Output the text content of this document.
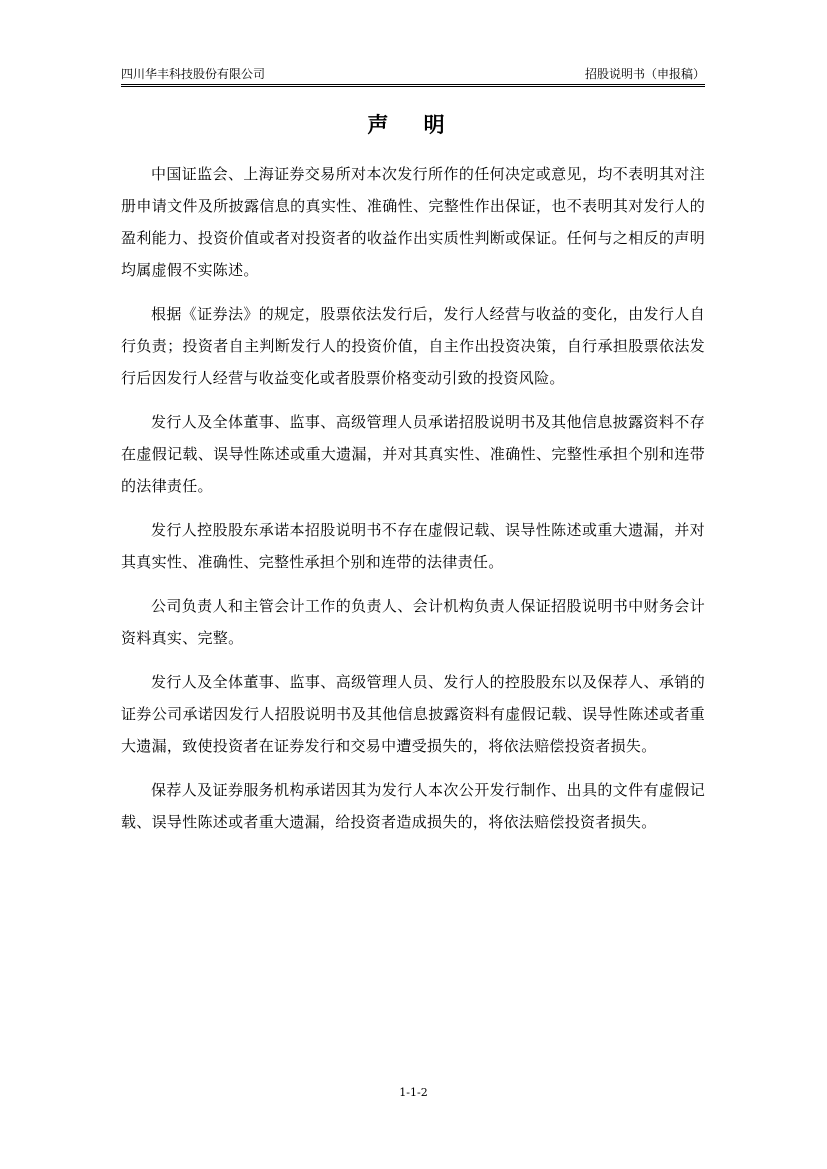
四川华丰科技股份有限公司	招股说明书（申报稿）
声 明

中国证监会、上海证券交易所对本次发行所作的任何决定或意见，均不表明其对注册申请文件及所披露信息的真实性、准确性、完整性作出保证，也不表明其对发行人的盈利能力、投资价值或者对投资者的收益作出实质性判断或保证。任何与之相反的声明均属虚假不实陈述。

根据《证券法》的规定，股票依法发行后，发行人经营与收益的变化，由发行人自行负责；投资者自主判断发行人的投资价值，自主作出投资决策，自行承担股票依法发行后因发行人经营与收益变化或者股票价格变动引致的投资风险。

发行人及全体董事、监事、高级管理人员承诺招股说明书及其他信息披露资料不存在虚假记载、误导性陈述或重大遗漏，并对其真实性、准确性、完整性承担个别和连带的法律责任。

发行人控股股东承诺本招股说明书不存在虚假记载、误导性陈述或重大遗漏，并对其真实性、准确性、完整性承担个别和连带的法律责任。

公司负责人和主管会计工作的负责人、会计机构负责人保证招股说明书中财务会计资料真实、完整。

发行人及全体董事、监事、高级管理人员、发行人的控股股东以及保荐人、承销的证券公司承诺因发行人招股说明书及其他信息披露资料有虚假记载、误导性陈述或者重大遗漏，致使投资者在证券发行和交易中遭受损失的，将依法赔偿投资者损失。

保荐人及证券服务机构承诺因其为发行人本次公开发行制作、出具的文件有虚假记载、误导性陈述或者重大遗漏，给投资者造成损失的，将依法赔偿投资者损失。

1-1-2
